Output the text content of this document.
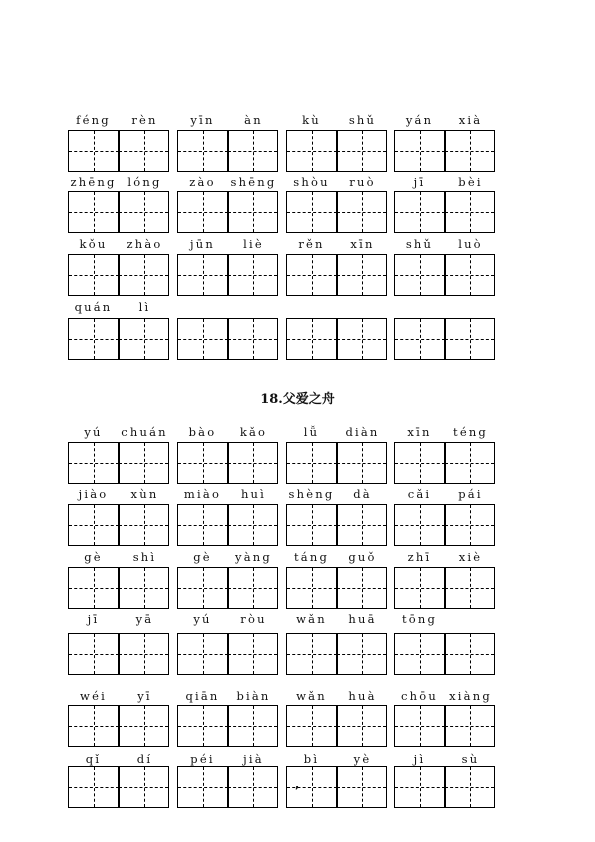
18.父爱之舟
féng	rèn	yīn	àn	kù	shǔ	yán	xià
zhēng lóng	zào	shēng	shòu	ruò	jī	bèi
kǒu	zhào	jūn	liè	rěn	xīn	shǔ	luò
quán	lì
yú	chuán	bào	kǎo	lǚ	diàn	xīn	téng
jiào	xùn	miào	huì	shèng	dà	cǎi	pái
gè	shì	gè	yàng	táng	guǒ	zhī	xiè
jī	yā	yú	ròu	wǎn	huā	tōng
wéi	yī	qiān	biàn	wǎn	huà	chōu xiàng
qǐ	dí	péi	jià	bì	yè	jì	sù
,
